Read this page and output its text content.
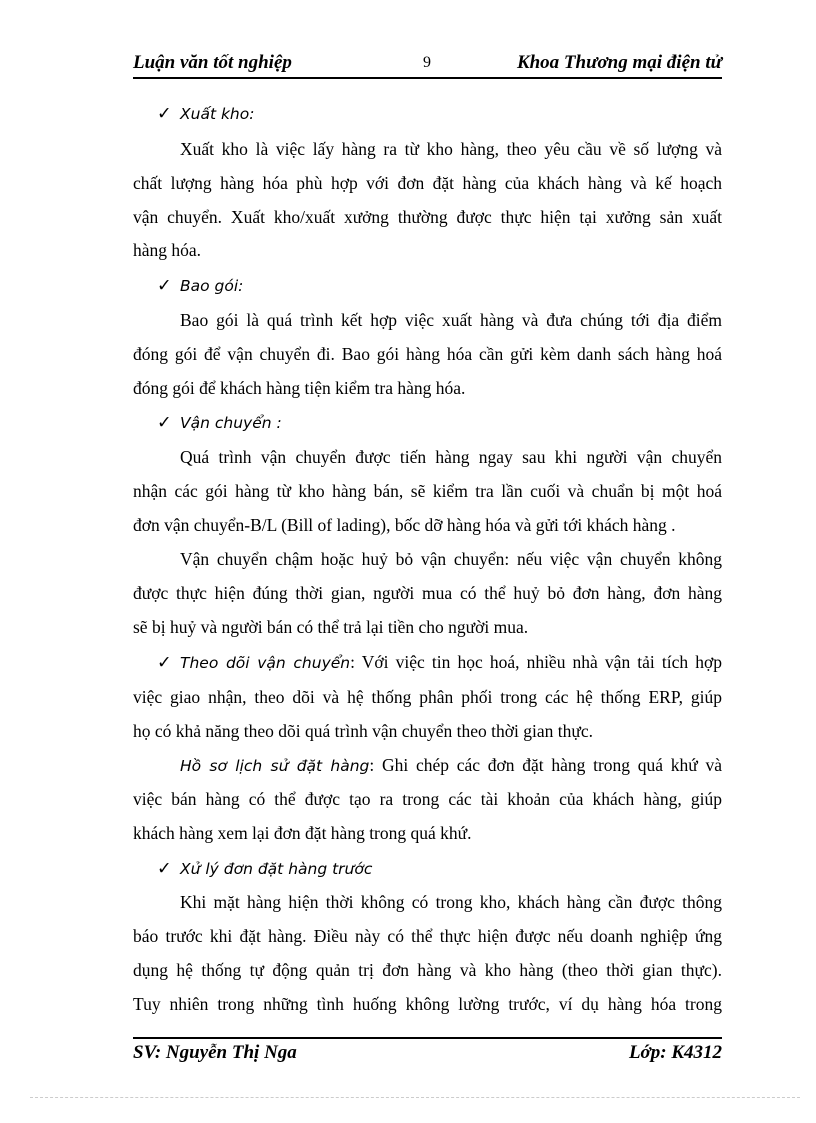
Luận văn tốt nghiệp	9	Khoa Thương mại điện tử
✓ Xuất kho:
Xuất kho là việc lấy hàng ra từ kho hàng, theo yêu cầu về số lượng và
chất lượng hàng hóa phù hợp với đơn đặt hàng của khách hàng và kế hoạch
vận chuyển. Xuất kho/xuất xưởng thường được thực hiện tại xưởng sản xuất
hàng hóa.
✓ Bao gói:
Bao gói là quá trình kết hợp việc xuất hàng và đưa chúng tới địa điểm
đóng gói để vận chuyển đi. Bao gói hàng hóa cần gửi kèm danh sách hàng hoá
đóng gói để khách hàng tiện kiểm tra hàng hóa.
✓ Vận chuyển :
Quá trình vận chuyển được tiến hàng ngay sau khi người vận chuyển
nhận các gói hàng từ kho hàng bán, sẽ kiểm tra lần cuối và chuẩn bị một hoá
đơn vận chuyển-B/L (Bill of lading), bốc dỡ hàng hóa và gửi tới khách hàng .
Vận chuyển chậm hoặc huỷ bỏ vận chuyển: nếu việc vận chuyển không
được thực hiện đúng thời gian, người mua có thể huỷ bỏ đơn hàng, đơn hàng
sẽ bị huỷ và người bán có thể trả lại tiền cho người mua.
✓ Theo dõi vận chuyển: Với việc tin học hoá, nhiều nhà vận tải tích hợp
việc giao nhận, theo dõi và hệ thống phân phối trong các hệ thống ERP, giúp
họ có khả năng theo dõi quá trình vận chuyển theo thời gian thực.
Hồ sơ lịch sử đặt hàng: Ghi chép các đơn đặt hàng trong quá khứ và
việc bán hàng có thể được tạo ra trong các tài khoản của khách hàng, giúp
khách hàng xem lại đơn đặt hàng trong quá khứ.
✓ Xử lý đơn đặt hàng trước
Khi mặt hàng hiện thời không có trong kho, khách hàng cần được thông
báo trước khi đặt hàng. Điều này có thể thực hiện được nếu doanh nghiệp ứng
dụng hệ thống tự động quản trị đơn hàng và kho hàng (theo thời gian thực).
Tuy nhiên trong những tình huống không lường trước, ví dụ hàng hóa trong
SV: Nguyễn Thị Nga	Lớp: K4312
